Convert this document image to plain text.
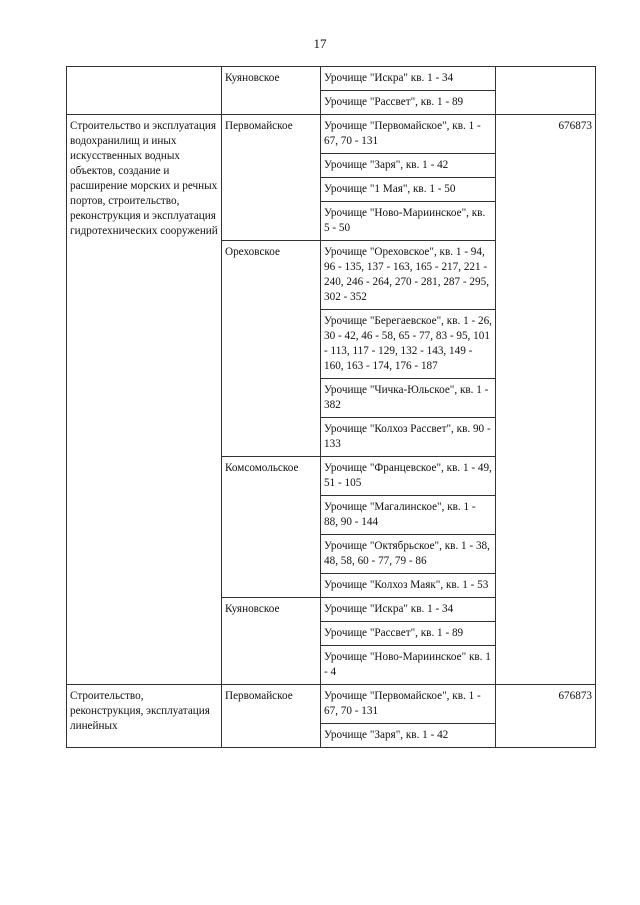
17
	Куяновское	Урочище "Искра" кв. 1 - 34	
		Урочище "Рассвет", кв. 1 - 89	
Строительство и эксплуатация водохранилищ и иных искусственных водных объектов, создание и расширение морских и речных портов, строительство, реконструкция и эксплуатация гидротехнических сооружений	Первомайское	Урочище "Первомайское", кв. 1 - 67, 70 - 131	676873
		Урочище "Заря", кв. 1 - 42	
		Урочище "1 Мая", кв. 1 - 50	
		Урочище "Ново-Мариинское", кв. 5 - 50	
	Ореховское	Урочище "Ореховское", кв. 1 - 94, 96 - 135, 137 - 163, 165 - 217, 221 - 240, 246 - 264, 270 - 281, 287 - 295, 302 - 352	
		Урочище "Берегаевское", кв. 1 - 26, 30 - 42, 46 - 58, 65 - 77, 83 - 95, 101 - 113, 117 - 129, 132 - 143, 149 - 160, 163 - 174, 176 - 187	
		Урочище "Чичка-Юльское", кв. 1 - 382	
		Урочище "Колхоз Рассвет", кв. 90 - 133	
	Комсомольское	Урочище "Францевское", кв. 1 - 49, 51 - 105	
		Урочище "Магалинское", кв. 1 - 88, 90 - 144	
		Урочище "Октябрьское", кв. 1 - 38, 48, 58, 60 - 77, 79 - 86	
		Урочище "Колхоз Маяк", кв. 1 - 53	
	Куяновское	Урочище "Искра" кв. 1 - 34	
		Урочище "Рассвет", кв. 1 - 89	
		Урочище "Ново-Мариинское" кв. 1 - 4	
Строительство, реконструкция, эксплуатация линейных	Первомайское	Урочище "Первомайское", кв. 1 - 67, 70 - 131	676873
		Урочище "Заря", кв. 1 - 42	
